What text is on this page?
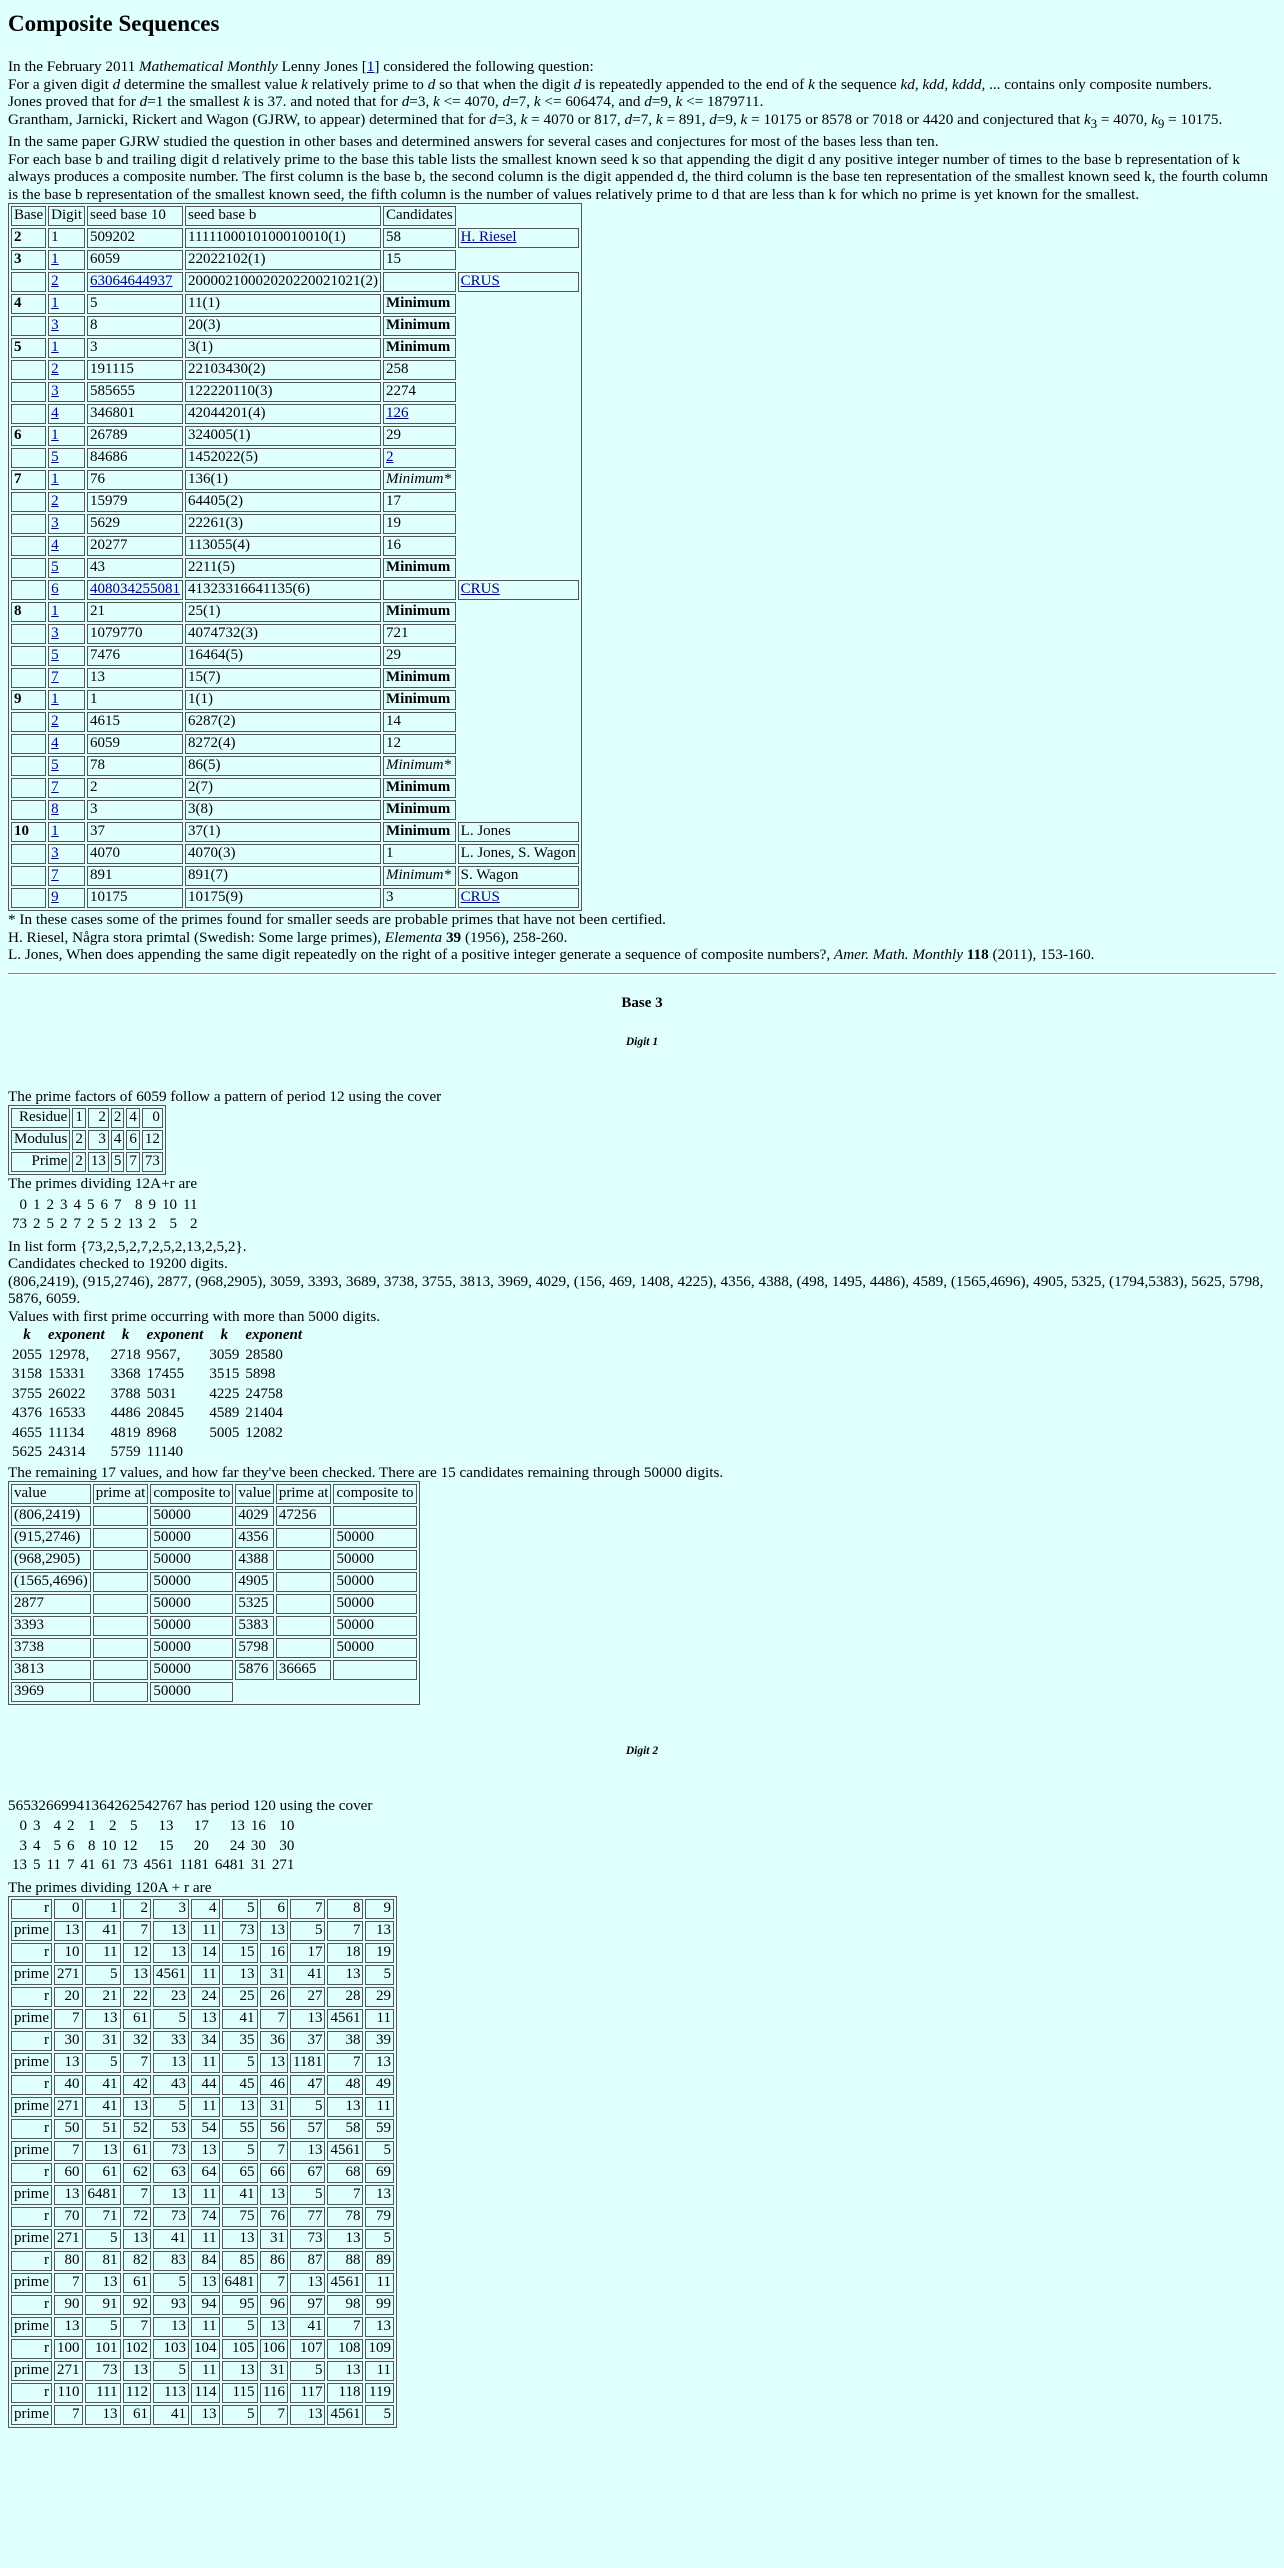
Composite Sequences

In the February 2011 Mathematical Monthly Lenny Jones [1] considered the following question:

For a given digit d determine the smallest value k relatively prime to d so that when the digit d is repeatedly appended to the end of k the sequence kd, kdd, kddd, ... contains only composite numbers.

Jones proved that for d=1 the smallest k is 37. and noted that for d=3, k <= 4070, d=7, k <= 606474, and d=9, k <= 1879711.

Grantham, Jarnicki, Rickert and Wagon (GJRW, to appear) determined that for d=3, k = 4070 or 817, d=7, k = 891, d=9, k = 10175 or 8578 or 7018 or 4420 and conjectured that $k_3 = 4070$, $k_9 = 10175$.

In the same paper GJRW studied the question in other bases and determined answers for several cases and conjectures for most of the bases less than ten.

For each base b and trailing digit d relatively prime to the base this table lists the smallest known seed k so that appending the digit d any positive integer number of times to the base b representation of k always produces a composite number. The first column is the base b, the second column is the digit appended d, the third column is the base ten representation of the smallest known seed k, the fourth column is the base b representation of the smallest known seed, the fifth column is the number of values relatively prime to d that are less than k for which no prime is yet known for the smallest.

Base	Digit	seed base 10	seed base b	Candidates	
2	1	509202	1111100010100010010(1)	58	H. Riesel
3	1	6059	22022102(1)	15	
	2	63064644937	20000210002020220021021(2)		CRUS
4	1	5	11(1)	Minimum	
	3	8	20(3)	Minimum	
5	1	3	3(1)	Minimum	
	2	191115	22103430(2)	258	
	3	585655	122220110(3)	2274	
	4	346801	42044201(4)	126	
6	1	26789	324005(1)	29	
	5	84686	1452022(5)	2	
7	1	76	136(1)	Minimum*	
	2	15979	64405(2)	17	
	3	5629	22261(3)	19	
	4	20277	113055(4)	16	
	5	43	2211(5)	Minimum	
	6	408034255081	41323316641135(6)		CRUS
8	1	21	25(1)	Minimum	
	3	1079770	4074732(3)	721	
	5	7476	16464(5)	29	
	7	13	15(7)	Minimum	
9	1	1	1(1)	Minimum	
	2	4615	6287(2)	14	
	4	6059	8272(4)	12	
	5	78	86(5)	Minimum*	
	7	2	2(7)	Minimum	
	8	3	3(8)	Minimum	
10	1	37	37(1)	Minimum	L. Jones
	3	4070	4070(3)	1	L. Jones, S. Wagon
	7	891	891(7)	Minimum*	S. Wagon
	9	10175	10175(9)	3	CRUS

* In these cases some of the primes found for smaller seeds are probable primes that have not been certified.

H. Riesel, Några stora primtal (Swedish: Some large primes), Elementa 39 (1956), 258-260.

L. Jones, When does appending the same digit repeatedly on the right of a positive integer generate a sequence of composite numbers?, Amer. Math. Monthly 118 (2011), 153-160.

Base 3
Digit 1

The prime factors of 6059 follow a pattern of period 12 using the cover

Residue	1	2	2	4	0
Modulus	2	3	4	6	12
Prime	2	13	5	7	73

The primes dividing 12A+r are

0	1	2	3	4	5	6	7	8	9	10	11
73	2	5	2	7	2	5	2	13	2	5	2

In list form {73,2,5,2,7,2,5,2,13,2,5,2}.

Candidates checked to 19200 digits.

(806,2419), (915,2746), 2877, (968,2905), 3059, 3393, 3689, 3738, 3755, 3813, 3969, 4029, (156, 469, 1408, 4225), 4356, 4388, (498, 1495, 4486), 4589, (1565,4696), 4905, 5325, (1794,5383), 5625, 5798, 5876, 6059.

Values with first prime occurring with more than 5000 digits.

k	exponent	k	exponent	k	exponent
2055	12978,	2718	9567,	3059	28580
3158	15331	3368	17455	3515	5898
3755	26022	3788	5031	4225	24758
4376	16533	4486	20845	4589	21404
4655	11134	4819	8968	5005	12082
5625	24314	5759	11140		

The remaining 17 values, and how far they've been checked. There are 15 candidates remaining through 50000 digits.

value	prime at	composite to	value	prime at	composite to
(806,2419)		50000	4029	47256	
(915,2746)		50000	4356		50000
(968,2905)		50000	4388		50000
(1565,4696)		50000	4905		50000
2877		50000	5325		50000
3393		50000	5383		50000
3738		50000	5798		50000
3813		50000	5876	36665	
3969		50000			
Digit 2

56532669941364262542767 has period 120 using the cover

0	3	4	2	1	2	5	13	17	13	16	10
3	4	5	6	8	10	12	15	20	24	30	30
13	5	11	7	41	61	73	4561	1181	6481	31	271

The primes dividing 120A + r are

r	0	1	2	3	4	5	6	7	8	9
prime	13	41	7	13	11	73	13	5	7	13
r	10	11	12	13	14	15	16	17	18	19
prime	271	5	13	4561	11	13	31	41	13	5
r	20	21	22	23	24	25	26	27	28	29
prime	7	13	61	5	13	41	7	13	4561	11
r	30	31	32	33	34	35	36	37	38	39
prime	13	5	7	13	11	5	13	1181	7	13
r	40	41	42	43	44	45	46	47	48	49
prime	271	41	13	5	11	13	31	5	13	11
r	50	51	52	53	54	55	56	57	58	59
prime	7	13	61	73	13	5	7	13	4561	5
r	60	61	62	63	64	65	66	67	68	69
prime	13	6481	7	13	11	41	13	5	7	13
r	70	71	72	73	74	75	76	77	78	79
prime	271	5	13	41	11	13	31	73	13	5
r	80	81	82	83	84	85	86	87	88	89
prime	7	13	61	5	13	6481	7	13	4561	11
r	90	91	92	93	94	95	96	97	98	99
prime	13	5	7	13	11	5	13	41	7	13
r	100	101	102	103	104	105	106	107	108	109
prime	271	73	13	5	11	13	31	5	13	11
r	110	111	112	113	114	115	116	117	118	119
prime	7	13	61	41	13	5	7	13	4561	5
